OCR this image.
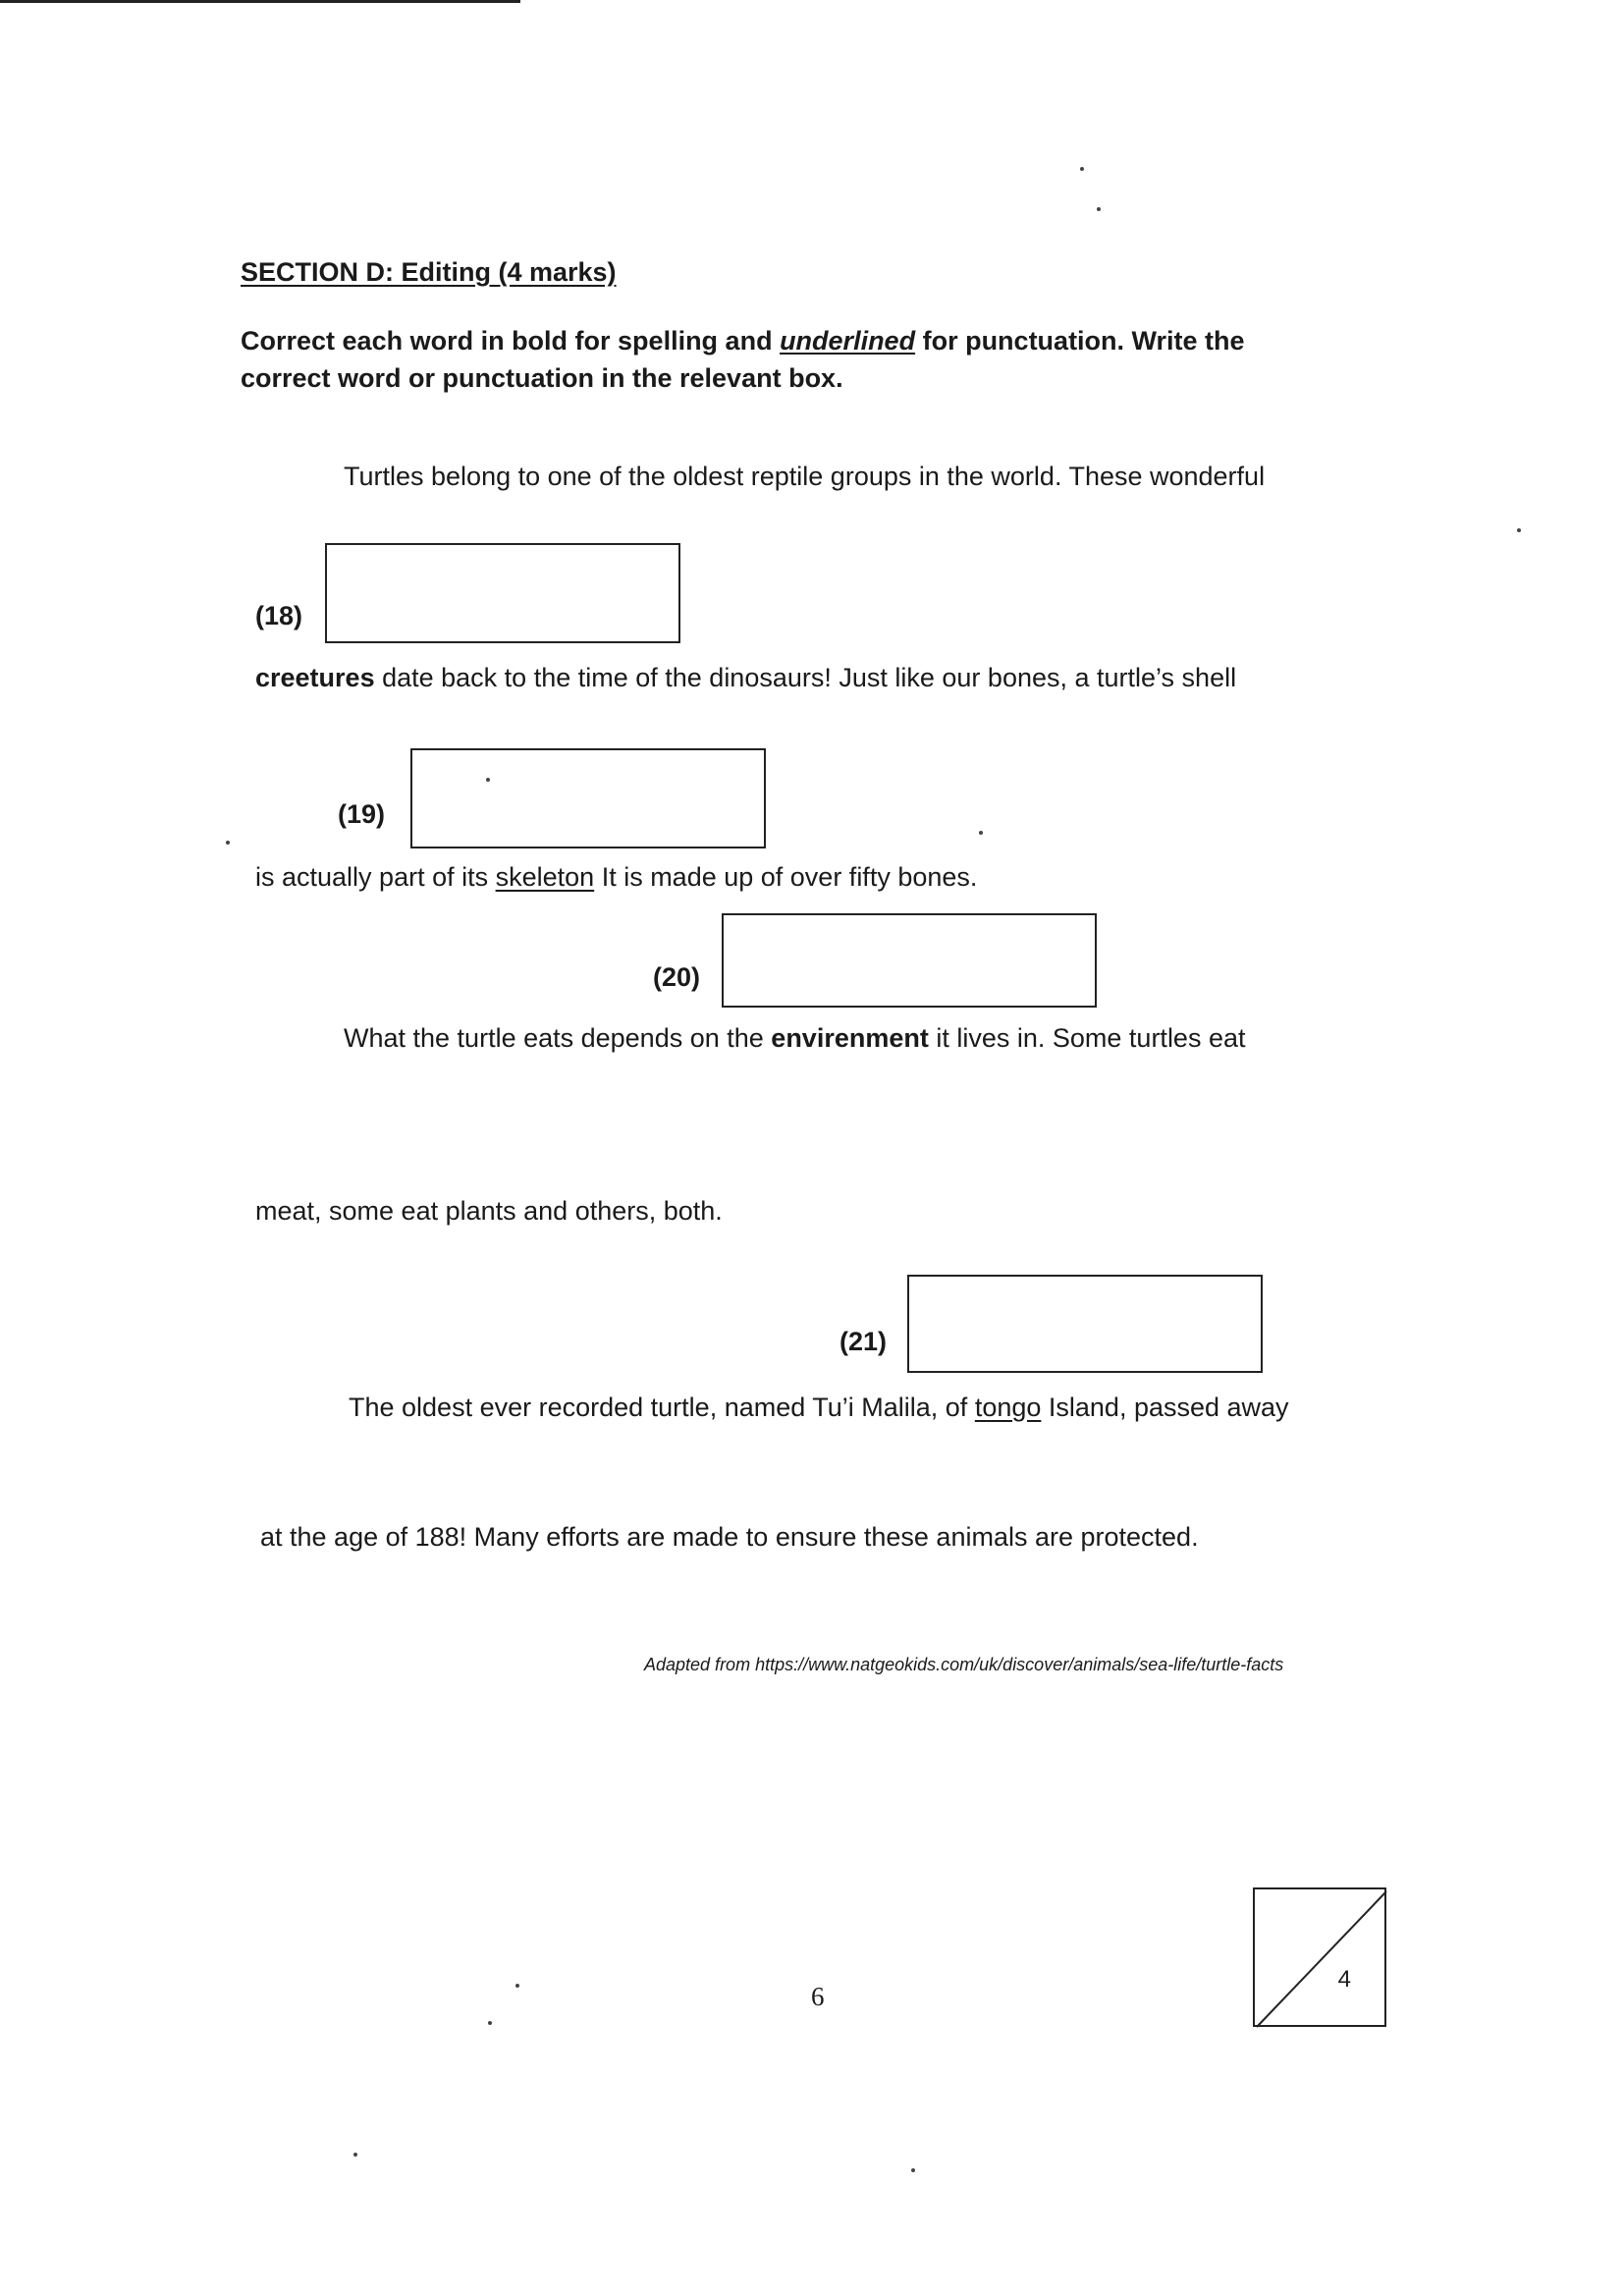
SECTION D: Editing (4 marks)
Correct each word in bold for spelling and underlined for punctuation. Write the
correct word or punctuation in the relevant box.
Turtles belong to one of the oldest reptile groups in the world. These wonderful
(18)
creetures date back to the time of the dinosaurs! Just like our bones, a turtle’s shell
(19)
is actually part of its skeleton It is made up of over fifty bones.
(20)
What the turtle eats depends on the envirenment it lives in. Some turtles eat
meat, some eat plants and others, both.
(21)
The oldest ever recorded turtle, named Tu’i Malila, of tongo Island, passed away
at the age of 188! Many efforts are made to ensure these animals are protected.
Adapted from https://www.natgeokids.com/uk/discover/animals/sea-life/turtle-facts
6
4
